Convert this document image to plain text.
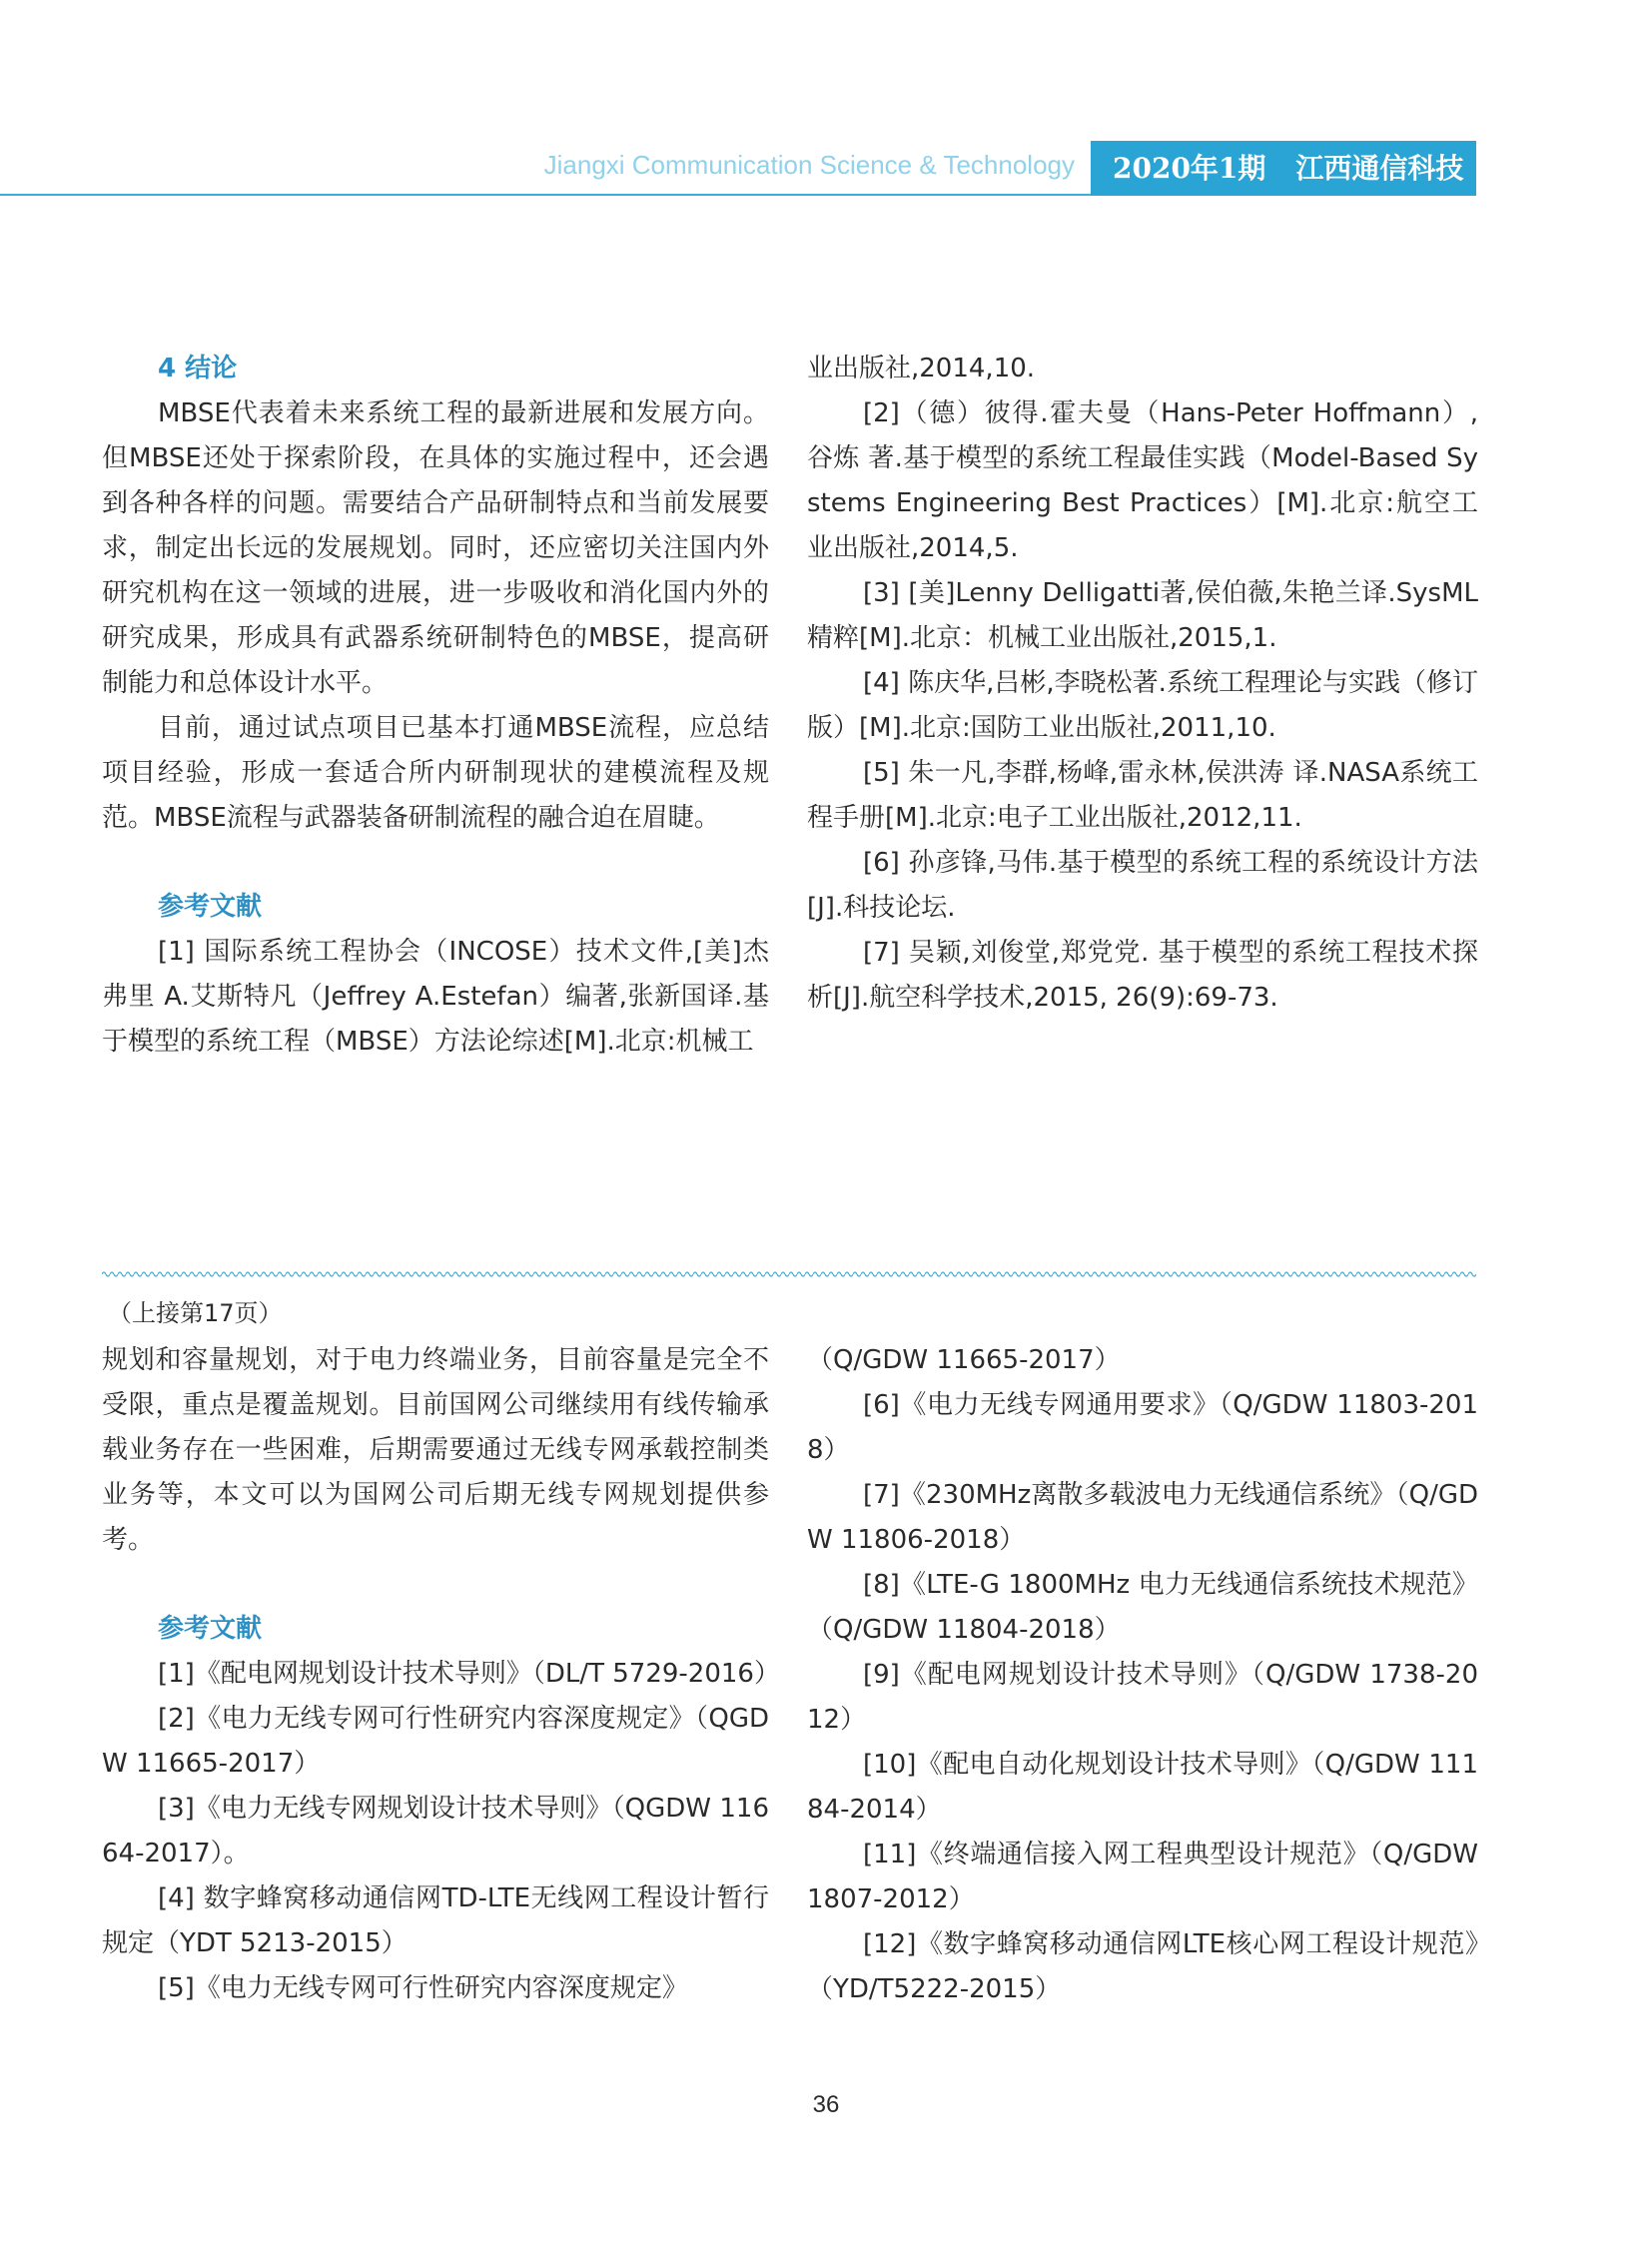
Jiangxi Communication Science & Technology	2020年1期 江西通信科技
4 结论
MBSE代表着未来系统工程的最新进展和发展方向。但MBSE还处于探索阶段，在具体的实施过程中，还会遇到各种各样的问题。需要结合产品研制特点和当前发展要求，制定出长远的发展规划。同时，还应密切关注国内外研究机构在这一领域的进展，进一步吸收和消化国内外的研究成果，形成具有武器系统研制特色的MBSE，提高研制能力和总体设计水平。
目前，通过试点项目已基本打通MBSE流程，应总结项目经验，形成一套适合所内研制现状的建模流程及规范。MBSE流程与武器装备研制流程的融合迫在眉睫。
参考文献
[1] 国际系统工程协会（INCOSE）技术文件,[美]杰弗里 A.艾斯特凡（Jeffrey A.Estefan）编著,张新国译.基于模型的系统工程（MBSE）方法论综述[M].北京:机械工
业出版社,2014,10.
[2]（德）彼得.霍夫曼（Hans-Peter Hoffmann）,谷炼 著.基于模型的系统工程最佳实践（Model-Based Systems Engineering Best Practices）[M].北京:航空工业出版社,2014,5.
[3] [美]Lenny Delligatti著,侯伯薇,朱艳兰译.SysML精粹[M].北京：机械工业出版社,2015,1.
[4] 陈庆华,吕彬,李晓松著.系统工程理论与实践（修订版）[M].北京:国防工业出版社,2011,10.
[5] 朱一凡,李群,杨峰,雷永林,侯洪涛 译.NASA系统工程手册[M].北京:电子工业出版社,2012,11.
[6] 孙彦锋,马伟.基于模型的系统工程的系统设计方法[J].科技论坛.
[7] 吴颖,刘俊堂,郑党党. 基于模型的系统工程技术探析[J].航空科学技术,2015, 26(9):69-73.
（上接第17页）
规划和容量规划，对于电力终端业务，目前容量是完全不受限，重点是覆盖规划。目前国网公司继续用有线传输承载业务存在一些困难，后期需要通过无线专网承载控制类业务等，本文可以为国网公司后期无线专网规划提供参考。
参考文献
[1]《配电网规划设计技术导则》（DL/T 5729-2016）
[2]《电力无线专网可行性研究内容深度规定》（QGDW 11665-2017）
[3]《电力无线专网规划设计技术导则》（QGDW 11664-2017）。
[4] 数字蜂窝移动通信网TD-LTE无线网工程设计暂行规定（YDT 5213-2015）
[5]《电力无线专网可行性研究内容深度规定》
（Q/GDW 11665-2017）
[6]《电力无线专网通用要求》（Q/GDW 11803-2018）
[7]《230MHz离散多载波电力无线通信系统》（Q/GDW 11806-2018）
[8]《LTE-G 1800MHz 电力无线通信系统技术规范》（Q/GDW 11804-2018）
[9]《配电网规划设计技术导则》（Q/GDW 1738-2012）
[10]《配电自动化规划设计技术导则》（Q/GDW 11184-2014）
[11]《终端通信接入网工程典型设计规范》（Q/GDW1807-2012）
[12]《数字蜂窝移动通信网LTE核心网工程设计规范》（YD/T5222-2015）
36
